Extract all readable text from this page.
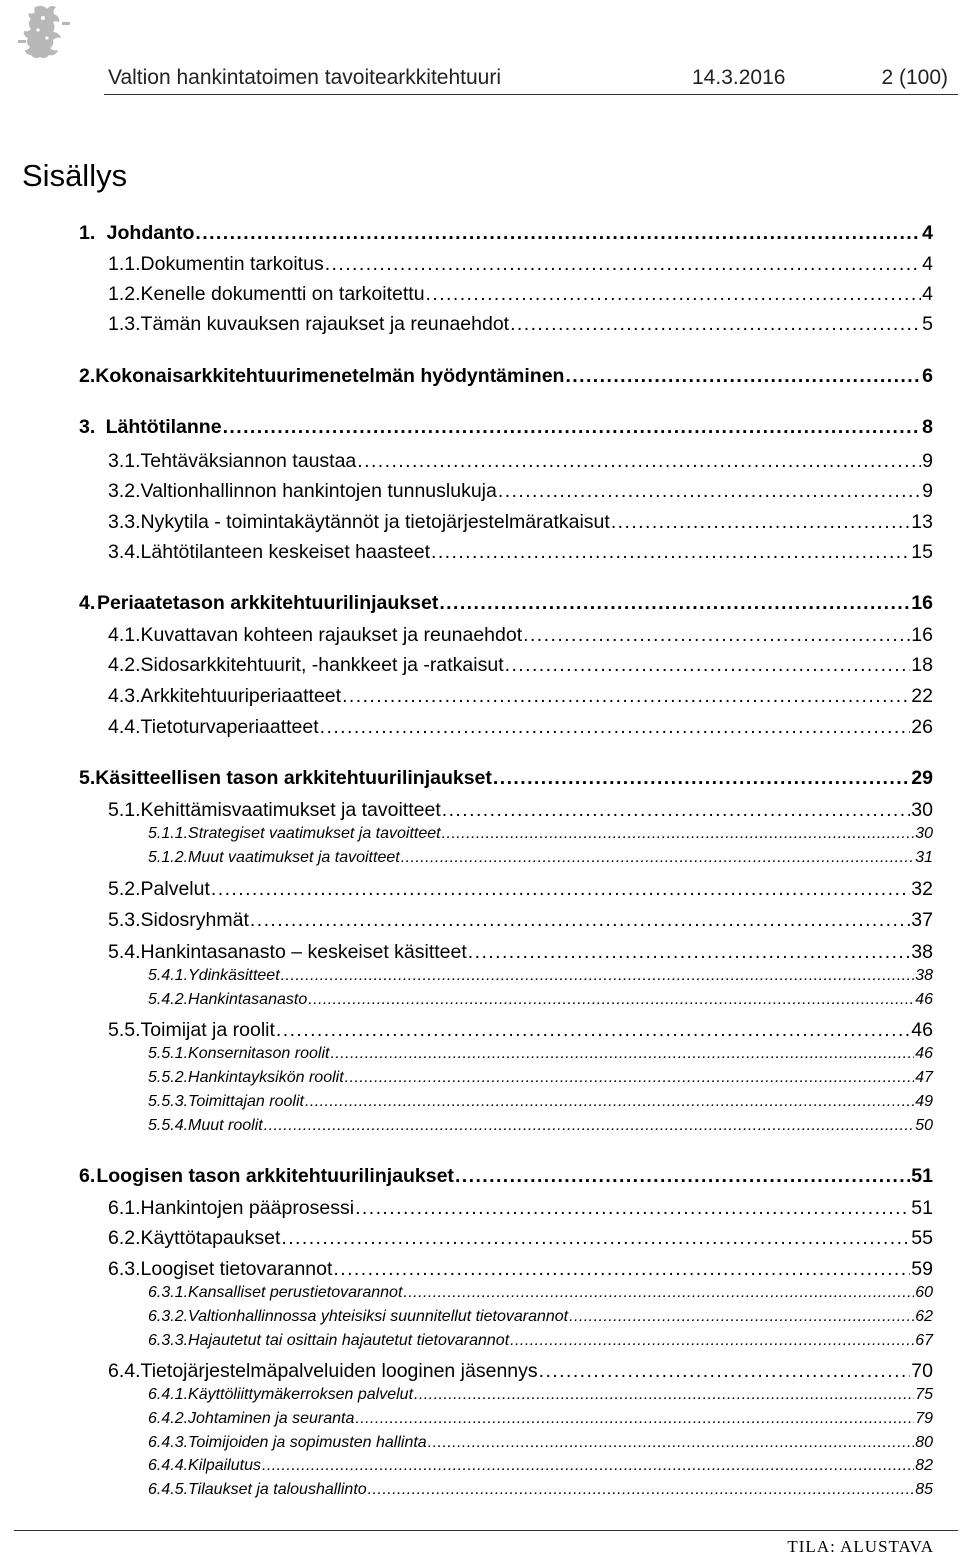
Valtion hankintatoimen tavoitearkkitehtuuri	14.3.2016	2 (100)
Sisällys
1. Johdanto . . .	4
1.1. Dokumentin tarkoitus . . .	4
1.2. Kenelle dokumentti on tarkoitettu . . .	4
1.3. Tämän kuvauksen rajaukset ja reunaehdot . . .	5
2. Kokonaisarkkitehtuurimenetelmän hyödyntäminen . . .	6
3. Lähtötilanne . . .	8
3.1. Tehtäväksiannon taustaa . . .	9
3.2. Valtionhallinnon hankintojen tunnuslukuja . . .	9
3.3. Nykytila - toimintakäytännöt ja tietojärjestelmäratkaisut . . .	13
3.4. Lähtötilanteen keskeiset haasteet . . .	15
4. Periaatetason arkkitehtuurilinjaukset . . .	16
4.1. Kuvattavan kohteen rajaukset ja reunaehdot . . .	16
4.2. Sidosarkkitehtuurit, -hankkeet ja -ratkaisut . . .	18
4.3. Arkkitehtuuriperiaatteet . . .	22
4.4. Tietoturvaperiaatteet . . .	26
5. Käsitteellisen tason arkkitehtuurilinjaukset . . .	29
5.1. Kehittämisvaatimukset ja tavoitteet . . .	30
5.1.1. Strategiset vaatimukset ja tavoitteet . . .	30
5.1.2. Muut vaatimukset ja tavoitteet . . .	31
5.2. Palvelut . . .	32
5.3. Sidosryhmät . . .	37
5.4. Hankintasanasto – keskeiset käsitteet . . .	38
5.4.1. Ydinkäsitteet . . .	38
5.4.2. Hankintasanasto . . .	46
5.5. Toimijat ja roolit . . .	46
5.5.1. Konsernitason roolit . . .	46
5.5.2. Hankintayksikön roolit . . .	47
5.5.3. Toimittajan roolit . . .	49
5.5.4. Muut roolit . . .	50
6. Loogisen tason arkkitehtuurilinjaukset . . .	51
6.1. Hankintojen pääprosessi . . .	51
6.2. Käyttötapaukset . . .	55
6.3. Loogiset tietovarannot . . .	59
6.3.1. Kansalliset perustietovarannot . . .	60
6.3.2. Valtionhallinnossa yhteisiksi suunnitellut tietovarannot . . .	62
6.3.3. Hajautetut tai osittain hajautetut tietovarannot . . .	67
6.4. Tietojärjestelmäpalveluiden looginen jäsennys . . .	70
6.4.1. Käyttöliittymäkerroksen palvelut . . .	75
6.4.2. Johtaminen ja seuranta . . .	79
6.4.3. Toimijoiden ja sopimusten hallinta . . .	80
6.4.4. Kilpailutus . . .	82
6.4.5. Tilaukset ja taloushallinto . . .	85
TILA: ALUSTAVA
